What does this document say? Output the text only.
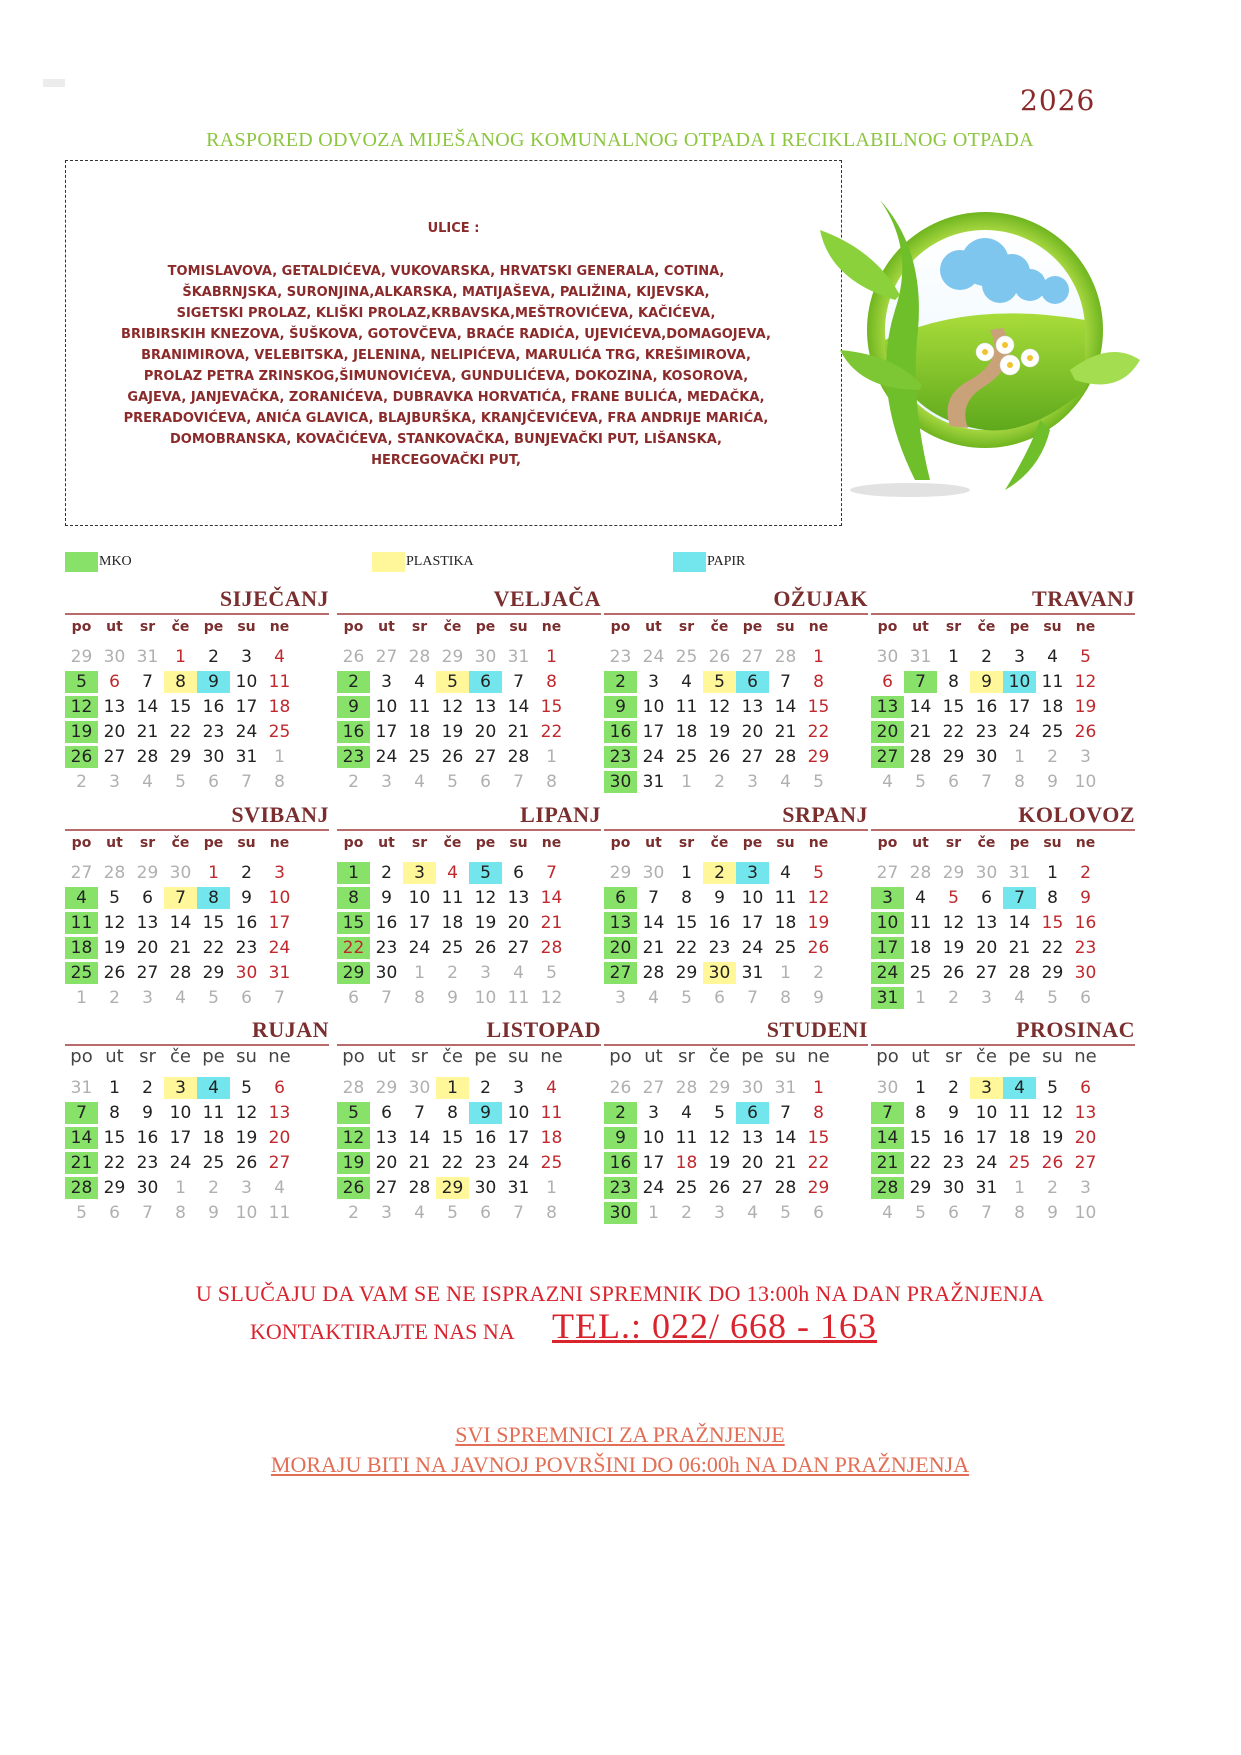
2026
RASPORED ODVOZA MIJEŠANOG KOMUNALNOG OTPADA I RECIKLABILNOG OTPADA
ULICE :
TOMISLAVOVA, GETALDIĆEVA, VUKOVARSKA, HRVATSKI GENERALA, COTINA,
ŠKABRNJSKA, SURONJINA,ALKARSKA, MATIJAŠEVA, PALIŽINA, KIJEVSKA,
SIGETSKI PROLAZ, KLIŠKI PROLAZ,KRBAVSKA,MEŠTROVIĆEVA, KAČIĆEVA,
BRIBIRSKIH KNEZOVA, ŠUŠKOVA, GOTOVČEVA, BRAĆE RADIĆA, UJEVIĆEVA,DOMAGOJEVA,
BRANIMIROVA, VELEBITSKA, JELENINA, NELIPIĆEVA, MARULIĆA TRG, KREŠIMIROVA,
PROLAZ PETRA ZRINSKOG,ŠIMUNOVIĆEVA, GUNDULIĆEVA, DOKOZINA, KOSOROVA,
GAJEVA, JANJEVAČKA, ZORANIĆEVA, DUBRAVKA HORVATIĆA, FRANE BULIĆA, MEDAČKA,
PRERADOVIĆEVA, ANIĆA GLAVICA, BLAJBURŠKA, KRANJČEVIĆEVA, FRA ANDRIJE MARIĆA,
DOMOBRANSKA, KOVAČIĆEVA, STANKOVAČKA, BUNJEVAČKI PUT, LIŠANSKA,
HERCEGOVAČKI PUT,
MKO	PLASTIKA	PAPIR
SIJEČANJ
po	ut	sr	če	pe	su	ne
29 30 31 1	2	3	4
5	6	7	8	9 10 11
12 13 14 15 16 17 18
19 20 21 22 23 24 25
26 27 28 29 30 31 1
2	3	4	5	6	7	8
VELJAČA
po	ut	sr	če	pe	su	ne
26 27 28 29 30 31 1
2	3	4	5	6	7	8
9 10 11 12 13 14 15
16 17 18 19 20 21 22
23 24 25 26 27 28 1
2	3	4	5	6	7	8
OŽUJAK
po	ut	sr	če	pe	su	ne
23 24 25 26 27 28 1
2	3	4	5	6	7	8
9 10 11 12 13 14 15
16 17 18 19 20 21 22
23 24 25 26 27 28 29
30 31 1	2	3	4	5
TRAVANJ
po	ut	sr	če	pe	su	ne
30 31 1	2	3	4	5
6	7	8	9 10 11 12
13 14 15 16 17 18 19
20 21 22 23 24 25 26
27 28 29 30 1	2	3
4	5	6	7	8	9 10
SVIBANJ
po	ut	sr	če	pe	su	ne
27 28 29 30 1	2	3
4	5	6	7	8	9 10
11 12 13 14 15 16 17
18 19 20 21 22 23 24
25 26 27 28 29 30 31
1	2	3	4	5	6	7
LIPANJ
po	ut	sr	če	pe	su	ne
1	2	3	4	5	6	7
8	9 10 11 12 13 14
15 16 17 18 19 20 21
22 23 24 25 26 27 28
29 30 1	2	3	4	5
6	7	8	9 10 11 12
SRPANJ
po	ut	sr	če	pe	su	ne
29 30 1	2	3	4	5
6	7	8	9 10 11 12
13 14 15 16 17 18 19
20 21 22 23 24 25 26
27 28 29 30 31 1	2
3	4	5	6	7	8	9
KOLOVOZ
po	ut	sr	če	pe	su	ne
27 28 29 30 31 1	2
3	4	5	6	7	8	9
10 11 12 13 14 15 16
17 18 19 20 21 22 23
24 25 26 27 28 29 30
31 1	2	3	4	5	6
RUJAN
po ut sr če pe su ne
31 1	2	3	4	5	6
7	8	9 10 11 12 13
14 15 16 17 18 19 20
21 22 23 24 25 26 27
28 29 30 1	2	3	4
5	6	7	8	9 10 11
LISTOPAD
po ut sr če pe su ne
28 29 30 1	2	3	4
5	6	7	8	9 10 11
12 13 14 15 16 17 18
19 20 21 22 23 24 25
26 27 28 29 30 31 1
2	3	4	5	6	7	8
STUDENI
po ut sr če pe su ne
26 27 28 29 30 31 1
2	3	4	5	6	7	8
9 10 11 12 13 14 15
16 17 18 19 20 21 22
23 24 25 26 27 28 29
30 1	2	3	4	5	6
PROSINAC
po ut sr če pe su ne
30 1	2	3	4	5	6
7	8	9 10 11 12 13
14 15 16 17 18 19 20
21 22 23 24 25 26 27
28 29 30 31 1	2	3
4	5	6	7	8	9 10
U SLUČAJU DA VAM SE NE ISPRAZNI SPREMNIK DO 13:00h NA DAN PRAŽNJENJA
KONTAKTIRAJTE NAS NA TEL.: 022/ 668 - 163
SVI SPREMNICI ZA PRAŽNJENJE
MORAJU BITI NA JAVNOJ POVRŠINI DO 06:00h NA DAN PRAŽNJENJA
